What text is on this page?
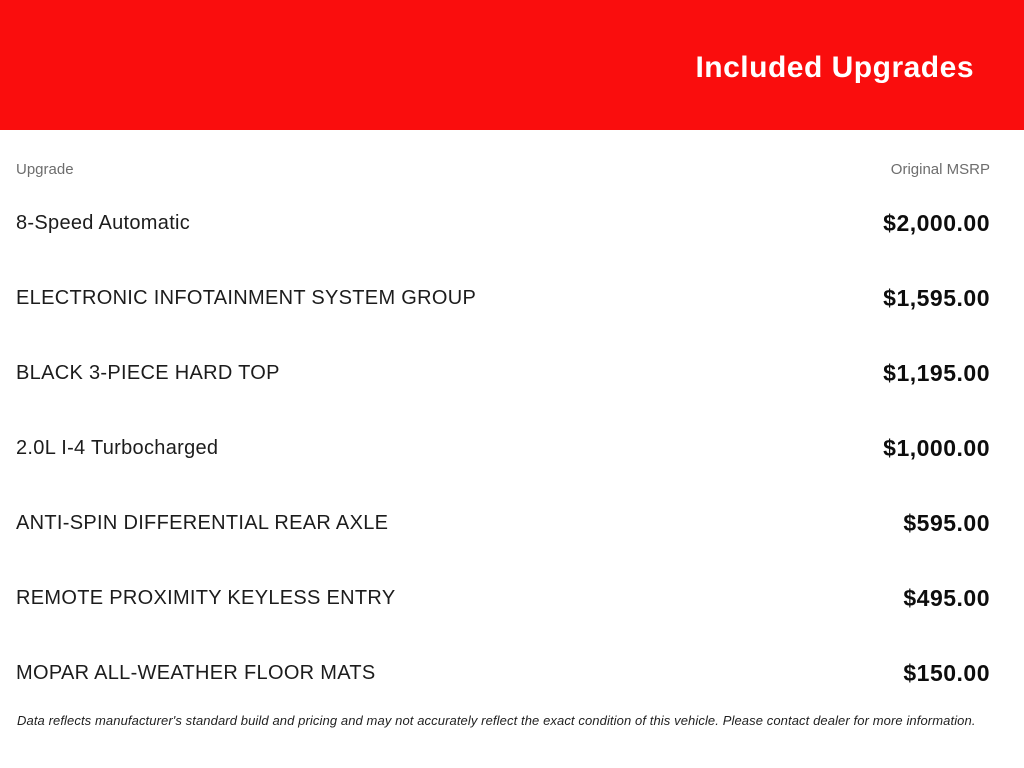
Included Upgrades
Upgrade	Original MSRP
8-Speed Automatic	$2,000.00
ELECTRONIC INFOTAINMENT SYSTEM GROUP	$1,595.00
BLACK 3-PIECE HARD TOP	$1,195.00
2.0L I-4 Turbocharged	$1,000.00
ANTI-SPIN DIFFERENTIAL REAR AXLE	$595.00
REMOTE PROXIMITY KEYLESS ENTRY	$495.00
MOPAR ALL-WEATHER FLOOR MATS	$150.00
Data reflects manufacturer's standard build and pricing and may not accurately reflect the exact condition of this vehicle. Please contact dealer for more information.
